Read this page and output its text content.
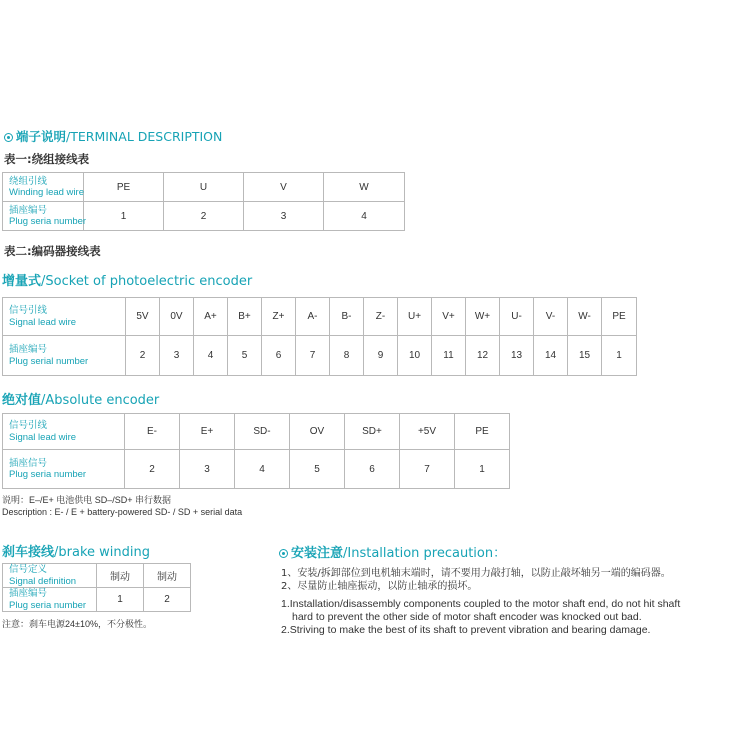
端子说明/TERMINAL DESCRIPTION
表一:绕组接线表
绕组引线
Winding lead wire	PE	U	V	W

插座编号
Plug seria number	1	2	3	4
表二:编码器接线表
增量式/Socket of photoelectric encoder
信号引线
Signal lead wire	5V	0V	A+	B+	Z+	A-	B-	Z-	U+	V+	W+	U-	V-	W-	PE

插座编号
Plug serial number	2	3	4	5	6	7	8	9	10	11	12	13	14	15	1
绝对值/Absolute encoder
信号引线
Signal lead wire	E-	E+	SD-	OV	SD+	+5V	PE

插座信号
Plug seria number	2	3	4	5	6	7	1
说明：E–/E+ 电池供电 SD–/SD+ 串行数据
Description : E- / E + battery-powered SD- / SD + serial data
刹车接线/brake winding
信号定义
Signal definition	制动	制动

插座编号
Plug seria number	1	2
注意：刹车电源24±10%，不分极性。
安装注意/Installation precaution：
1、安装/拆卸部位到电机轴末端时，请不要用力敲打轴，以防止敲坏轴另一端的编码器。
2、尽量防止轴座振动，以防止轴承的损坏。
1.Installation/disassembly components coupled to the motor shaft end, do not hit shaft
hard to prevent the other side of motor shaft encoder was knocked out bad.
2.Striving to make the best of its shaft to prevent vibration and bearing damage.
